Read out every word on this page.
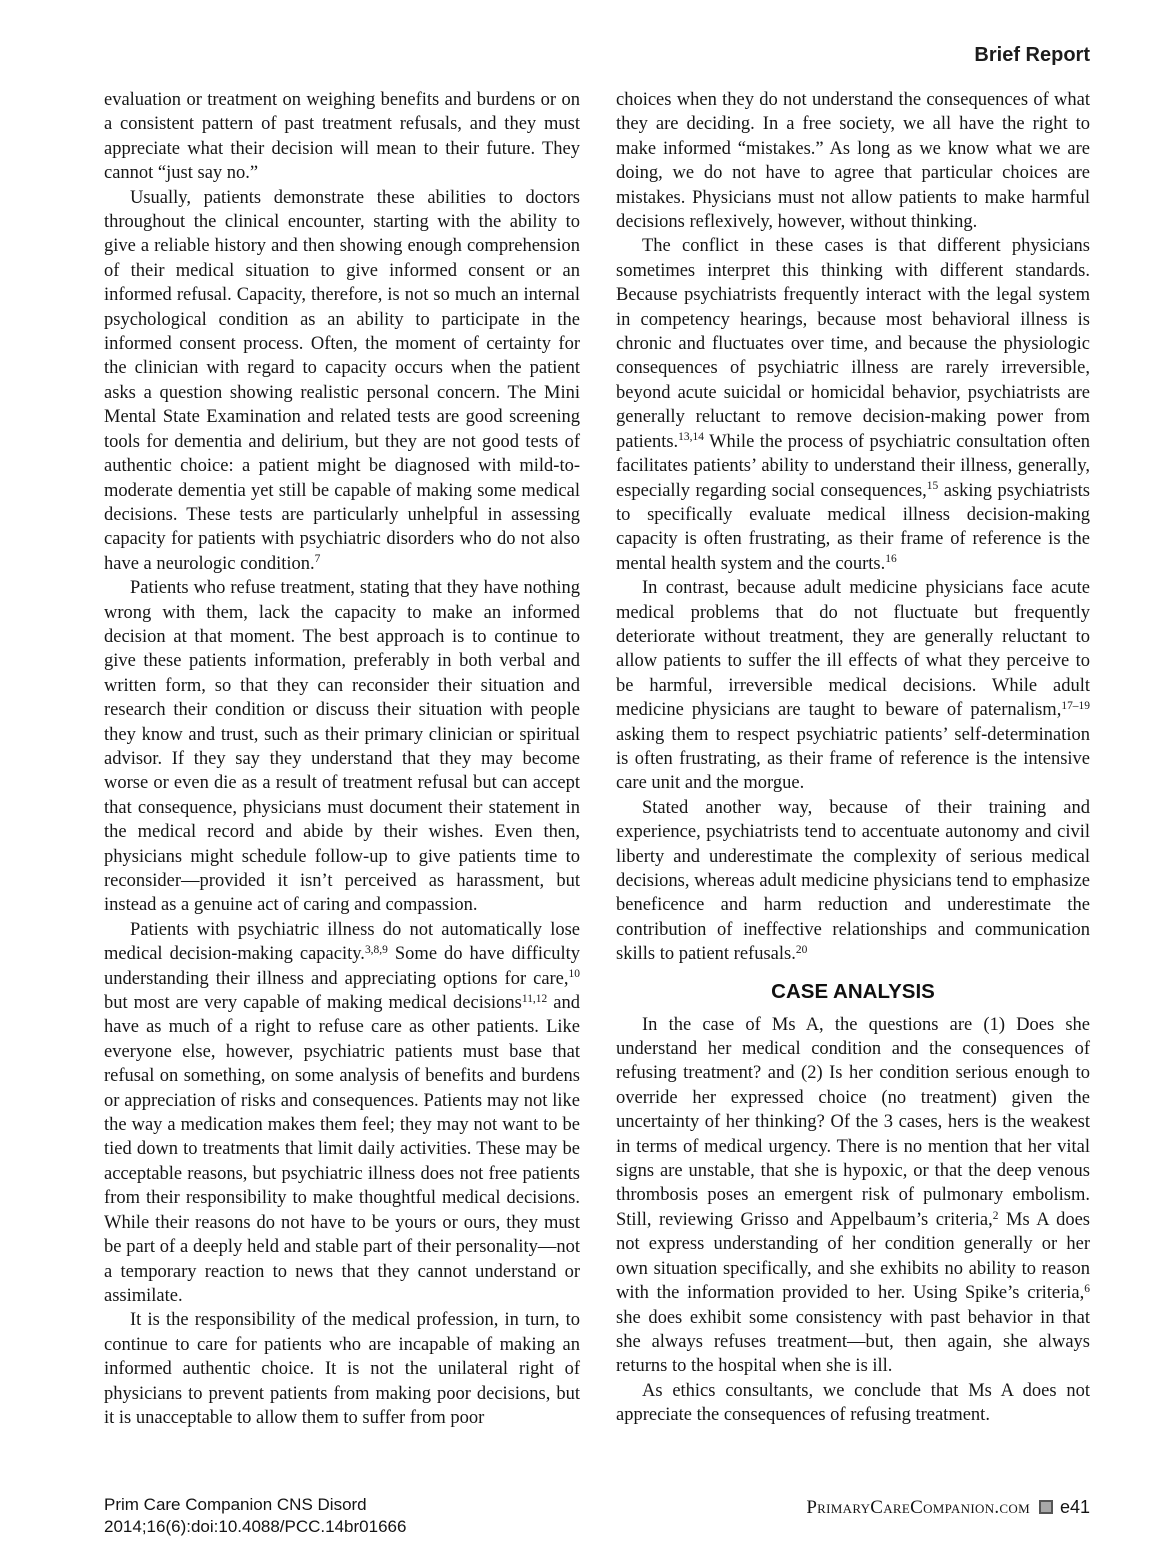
Brief Report

evaluation or treatment on weighing benefits and burdens or on a consistent pattern of past treatment refusals, and they must appreciate what their decision will mean to their future. They cannot “just say no.”

Usually, patients demonstrate these abilities to doctors throughout the clinical encounter, starting with the ability to give a reliable history and then showing enough comprehension of their medical situation to give informed consent or an informed refusal. Capacity, therefore, is not so much an internal psychological condition as an ability to participate in the informed consent process. Often, the moment of certainty for the clinician with regard to capacity occurs when the patient asks a question showing realistic personal concern. The Mini Mental State Examination and related tests are good screening tools for dementia and delirium, but they are not good tests of authentic choice: a patient might be diagnosed with mild-to-moderate dementia yet still be capable of making some medical decisions. These tests are particularly unhelpful in assessing capacity for patients with psychiatric disorders who do not also have a neurologic condition.$^7$

Patients who refuse treatment, stating that they have nothing wrong with them, lack the capacity to make an informed decision at that moment. The best approach is to continue to give these patients information, preferably in both verbal and written form, so that they can reconsider their situation and research their condition or discuss their situation with people they know and trust, such as their primary clinician or spiritual advisor. If they say they understand that they may become worse or even die as a result of treatment refusal but can accept that consequence, physicians must document their statement in the medical record and abide by their wishes. Even then, physicians might schedule follow-up to give patients time to reconsider—provided it isn’t perceived as harassment, but instead as a genuine act of caring and compassion.

Patients with psychiatric illness do not automatically lose medical decision-making capacity.$^{3,8,9}$ Some do have difficulty understanding their illness and appreciating options for care,$^{10}$ but most are very capable of making medical decisions$^{11,12}$ and have as much of a right to refuse care as other patients. Like everyone else, however, psychiatric patients must base that refusal on something, on some analysis of benefits and burdens or appreciation of risks and consequences. Patients may not like the way a medication makes them feel; they may not want to be tied down to treatments that limit daily activities. These may be acceptable reasons, but psychiatric illness does not free patients from their responsibility to make thoughtful medical decisions. While their reasons do not have to be yours or ours, they must be part of a deeply held and stable part of their personality—not a temporary reaction to news that they cannot understand or assimilate.

It is the responsibility of the medical profession, in turn, to continue to care for patients who are incapable of making an informed authentic choice. It is not the unilateral right of physicians to prevent patients from making poor decisions, but it is unacceptable to allow them to suffer from poor

choices when they do not understand the consequences of what they are deciding. In a free society, we all have the right to make informed “mistakes.” As long as we know what we are doing, we do not have to agree that particular choices are mistakes. Physicians must not allow patients to make harmful decisions reflexively, however, without thinking.

The conflict in these cases is that different physicians sometimes interpret this thinking with different standards. Because psychiatrists frequently interact with the legal system in competency hearings, because most behavioral illness is chronic and fluctuates over time, and because the physiologic consequences of psychiatric illness are rarely irreversible, beyond acute suicidal or homicidal behavior, psychiatrists are generally reluctant to remove decision-making power from patients.$^{13,14}$ While the process of psychiatric consultation often facilitates patients’ ability to understand their illness, generally, especially regarding social consequences,$^{15}$ asking psychiatrists to specifically evaluate medical illness decision-making capacity is often frustrating, as their frame of reference is the mental health system and the courts.$^{16}$

In contrast, because adult medicine physicians face acute medical problems that do not fluctuate but frequently deteriorate without treatment, they are generally reluctant to allow patients to suffer the ill effects of what they perceive to be harmful, irreversible medical decisions. While adult medicine physicians are taught to beware of paternalism,$^{17-19}$ asking them to respect psychiatric patients’ self-determination is often frustrating, as their frame of reference is the intensive care unit and the morgue.

Stated another way, because of their training and experience, psychiatrists tend to accentuate autonomy and civil liberty and underestimate the complexity of serious medical decisions, whereas adult medicine physicians tend to emphasize beneficence and harm reduction and underestimate the contribution of ineffective relationships and communication skills to patient refusals.$^{20}$

CASE ANALYSIS

In the case of Ms A, the questions are (1) Does she understand her medical condition and the consequences of refusing treatment? and (2) Is her condition serious enough to override her expressed choice (no treatment) given the uncertainty of her thinking? Of the 3 cases, hers is the weakest in terms of medical urgency. There is no mention that her vital signs are unstable, that she is hypoxic, or that the deep venous thrombosis poses an emergent risk of pulmonary embolism. Still, reviewing Grisso and Appelbaum’s criteria,$^2$ Ms A does not express understanding of her condition generally or her own situation specifically, and she exhibits no ability to reason with the information provided to her. Using Spike’s criteria,$^6$ she does exhibit some consistency with past behavior in that she always refuses treatment—but, then again, she always returns to the hospital when she is ill.

As ethics consultants, we conclude that Ms A does not appreciate the consequences of refusing treatment.

Prim Care Companion CNS Disord
2014;16(6):doi:10.4088/PCC.14br01666
PrimaryCareCompanion.com e41
